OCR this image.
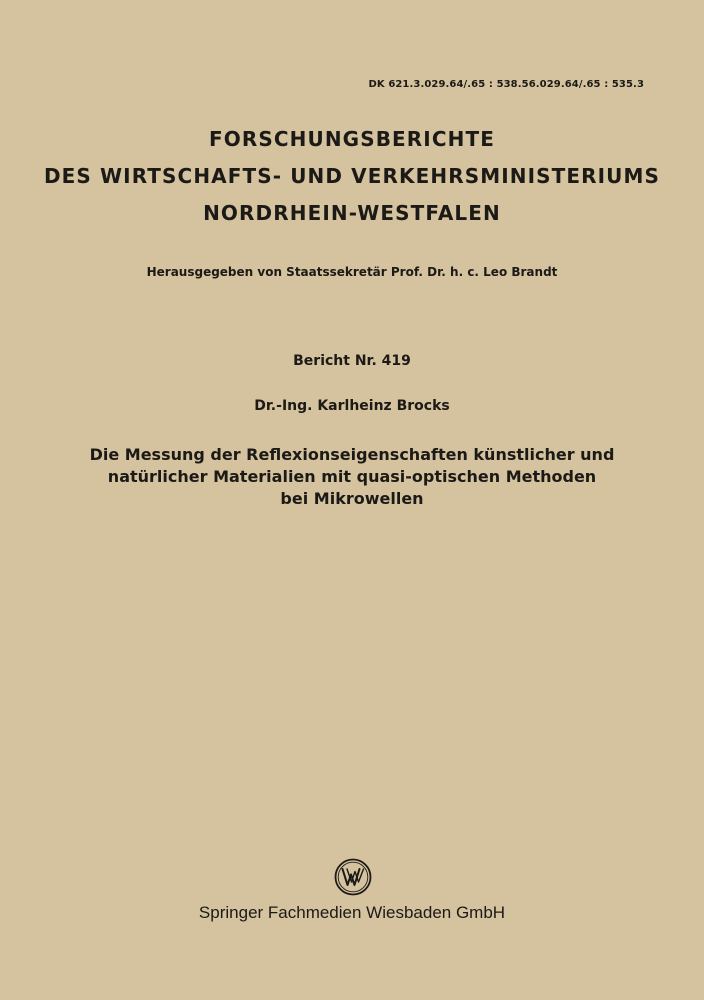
DK 621.3.029.64/.65 : 538.56.029.64/.65 : 535.3
FORSCHUNGSBERICHTE
DES WIRTSCHAFTS- UND VERKEHRSMINISTERIUMS
NORDRHEIN-WESTFALEN
Herausgegeben von Staatssekretär Prof. Dr. h. c. Leo Brandt
Bericht Nr. 419
Dr.-Ing. Karlheinz Brocks
Die Messung der Reflexionseigenschaften künstlicher und
natürlicher Materialien mit quasi-optischen Methoden
bei Mikrowellen
Springer Fachmedien Wiesbaden GmbH
